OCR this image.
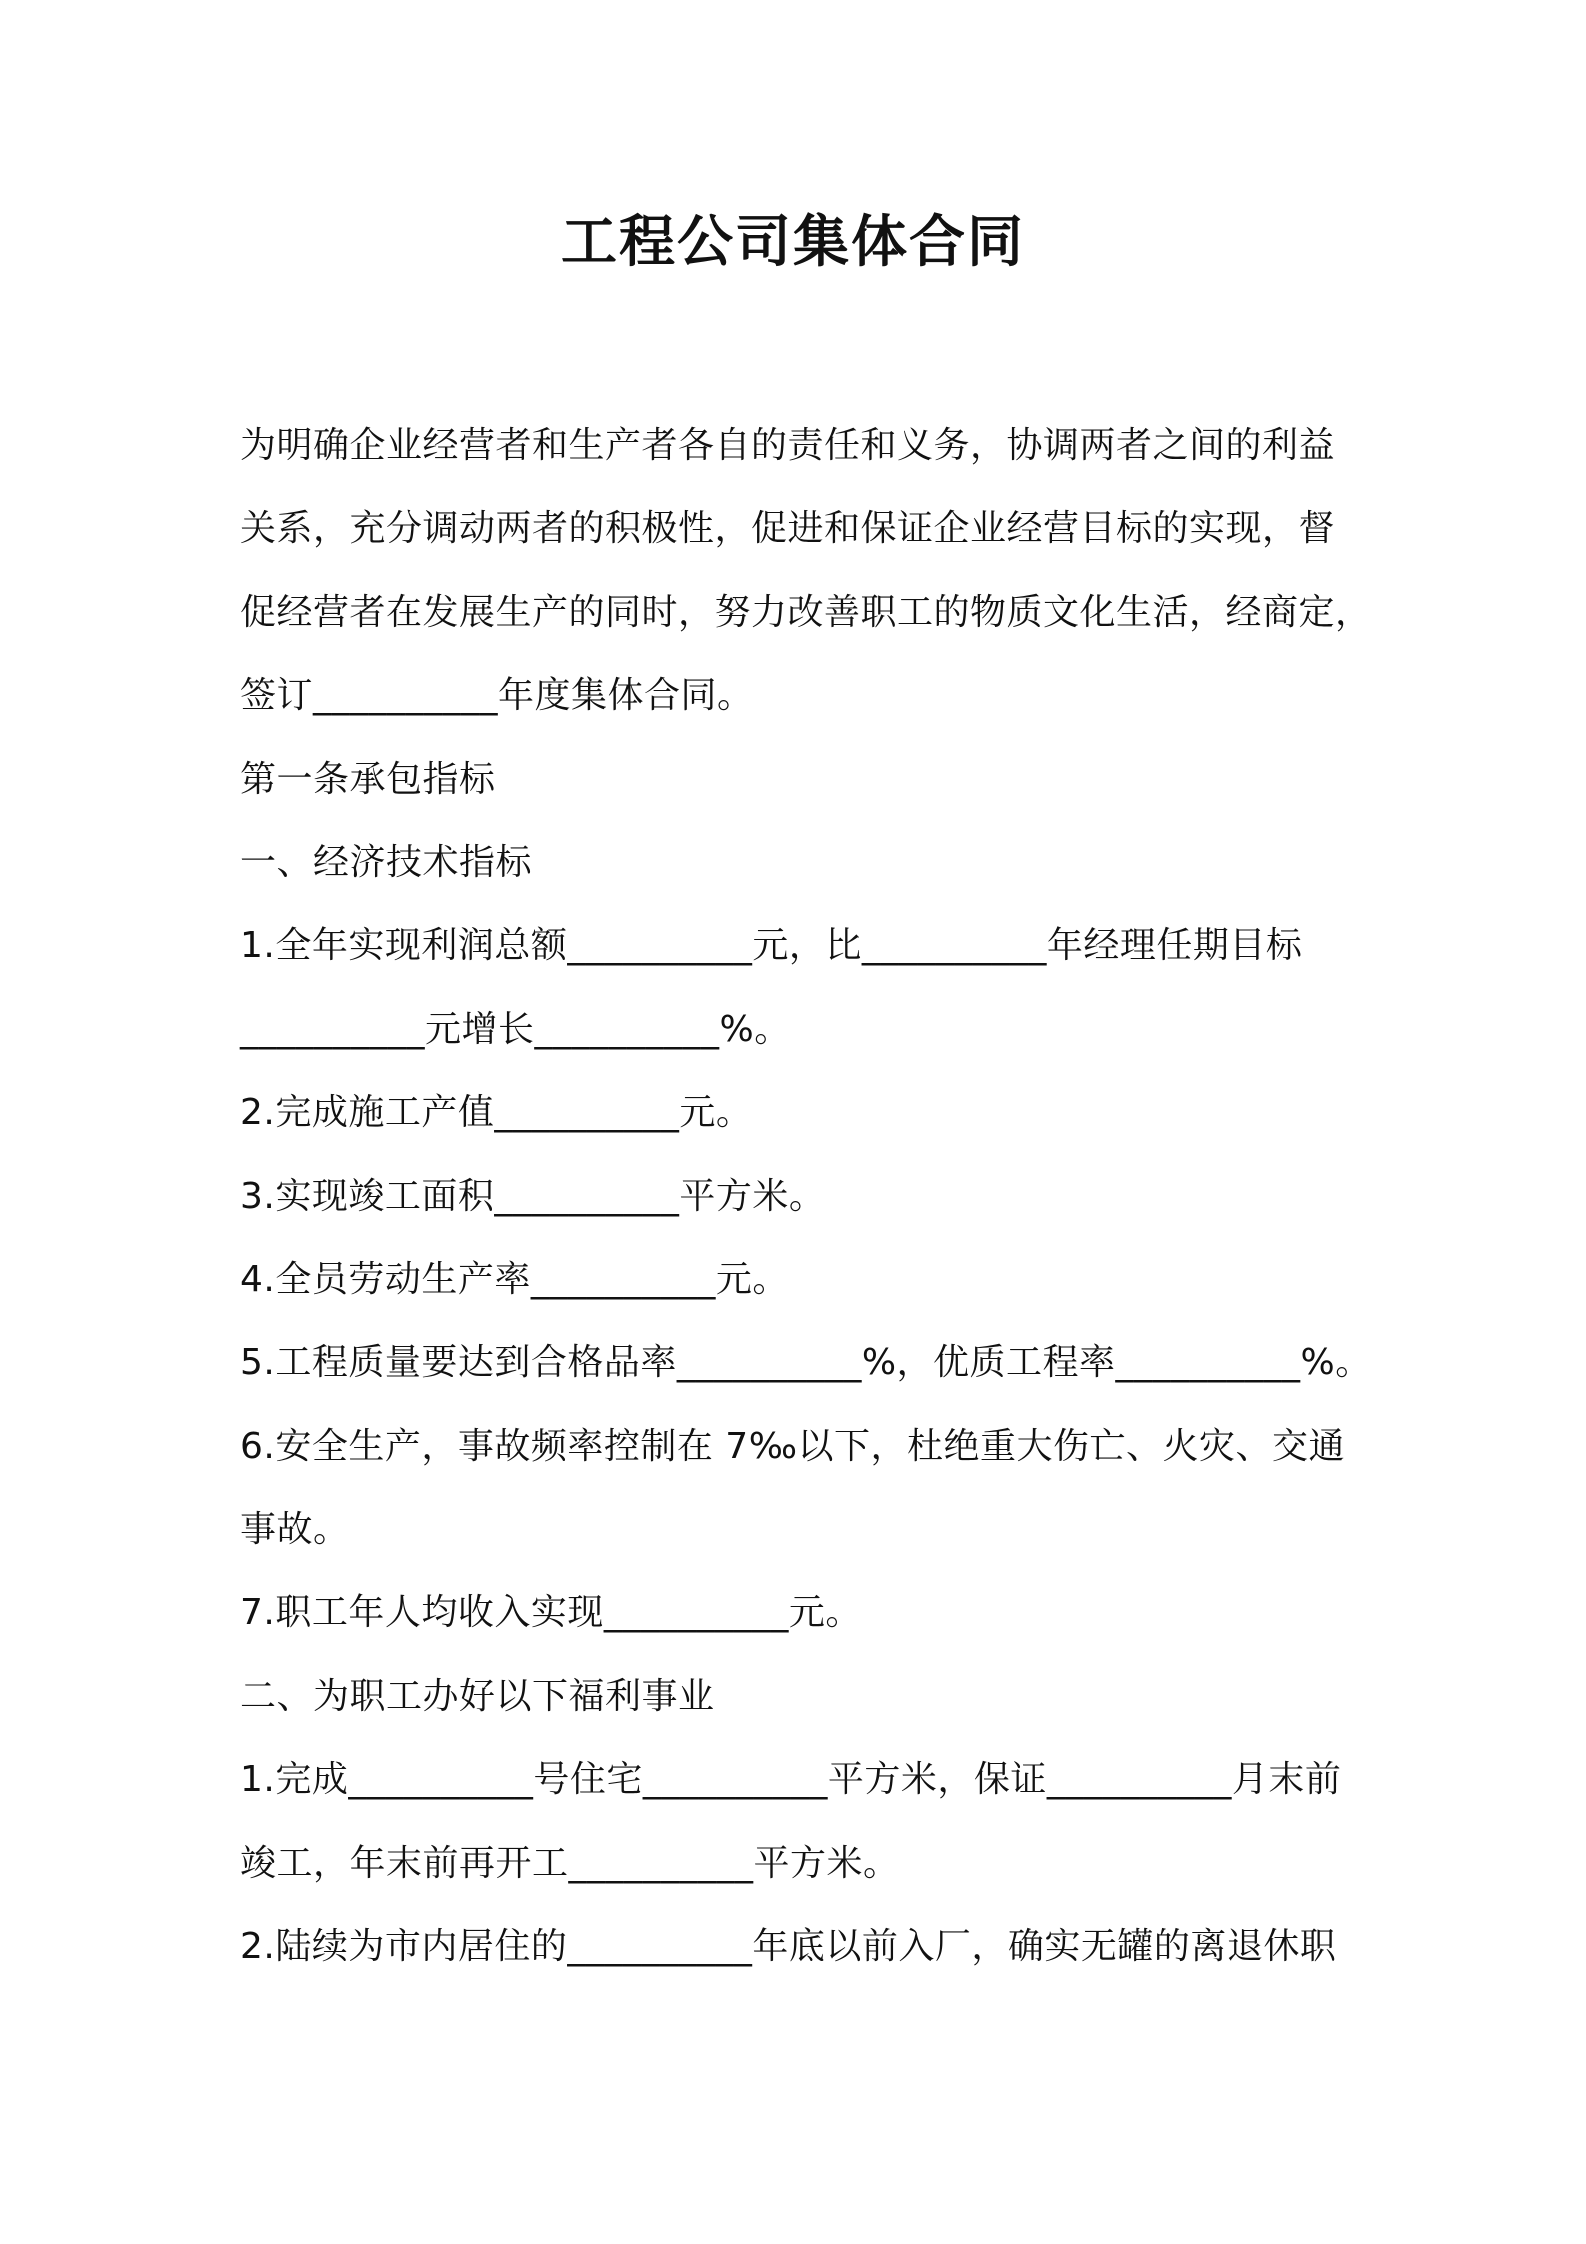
工程公司集体合同
为明确企业经营者和生产者各自的责任和义务，协调两者之间的利益
关系，充分调动两者的积极性，促进和保证企业经营目标的实现，督
促经营者在发展生产的同时，努力改善职工的物质文化生活，经商定，
签订__________年度集体合同。
第一条承包指标
一、经济技术指标
1.全年实现利润总额__________元，比__________年经理任期目标
__________元增长__________%。
2.完成施工产值__________元。
3.实现竣工面积__________平方米。
4.全员劳动生产率__________元。
5.工程质量要达到合格品率__________%，优质工程率__________%。
6.安全生产，事故频率控制在 7‰以下，杜绝重大伤亡、火灾、交通
事故。
7.职工年人均收入实现__________元。
二、为职工办好以下福利事业
1.完成__________号住宅__________平方米，保证__________月末前
竣工，年末前再开工__________平方米。
2.陆续为市内居住的__________年底以前入厂，确实无罐的离退休职
